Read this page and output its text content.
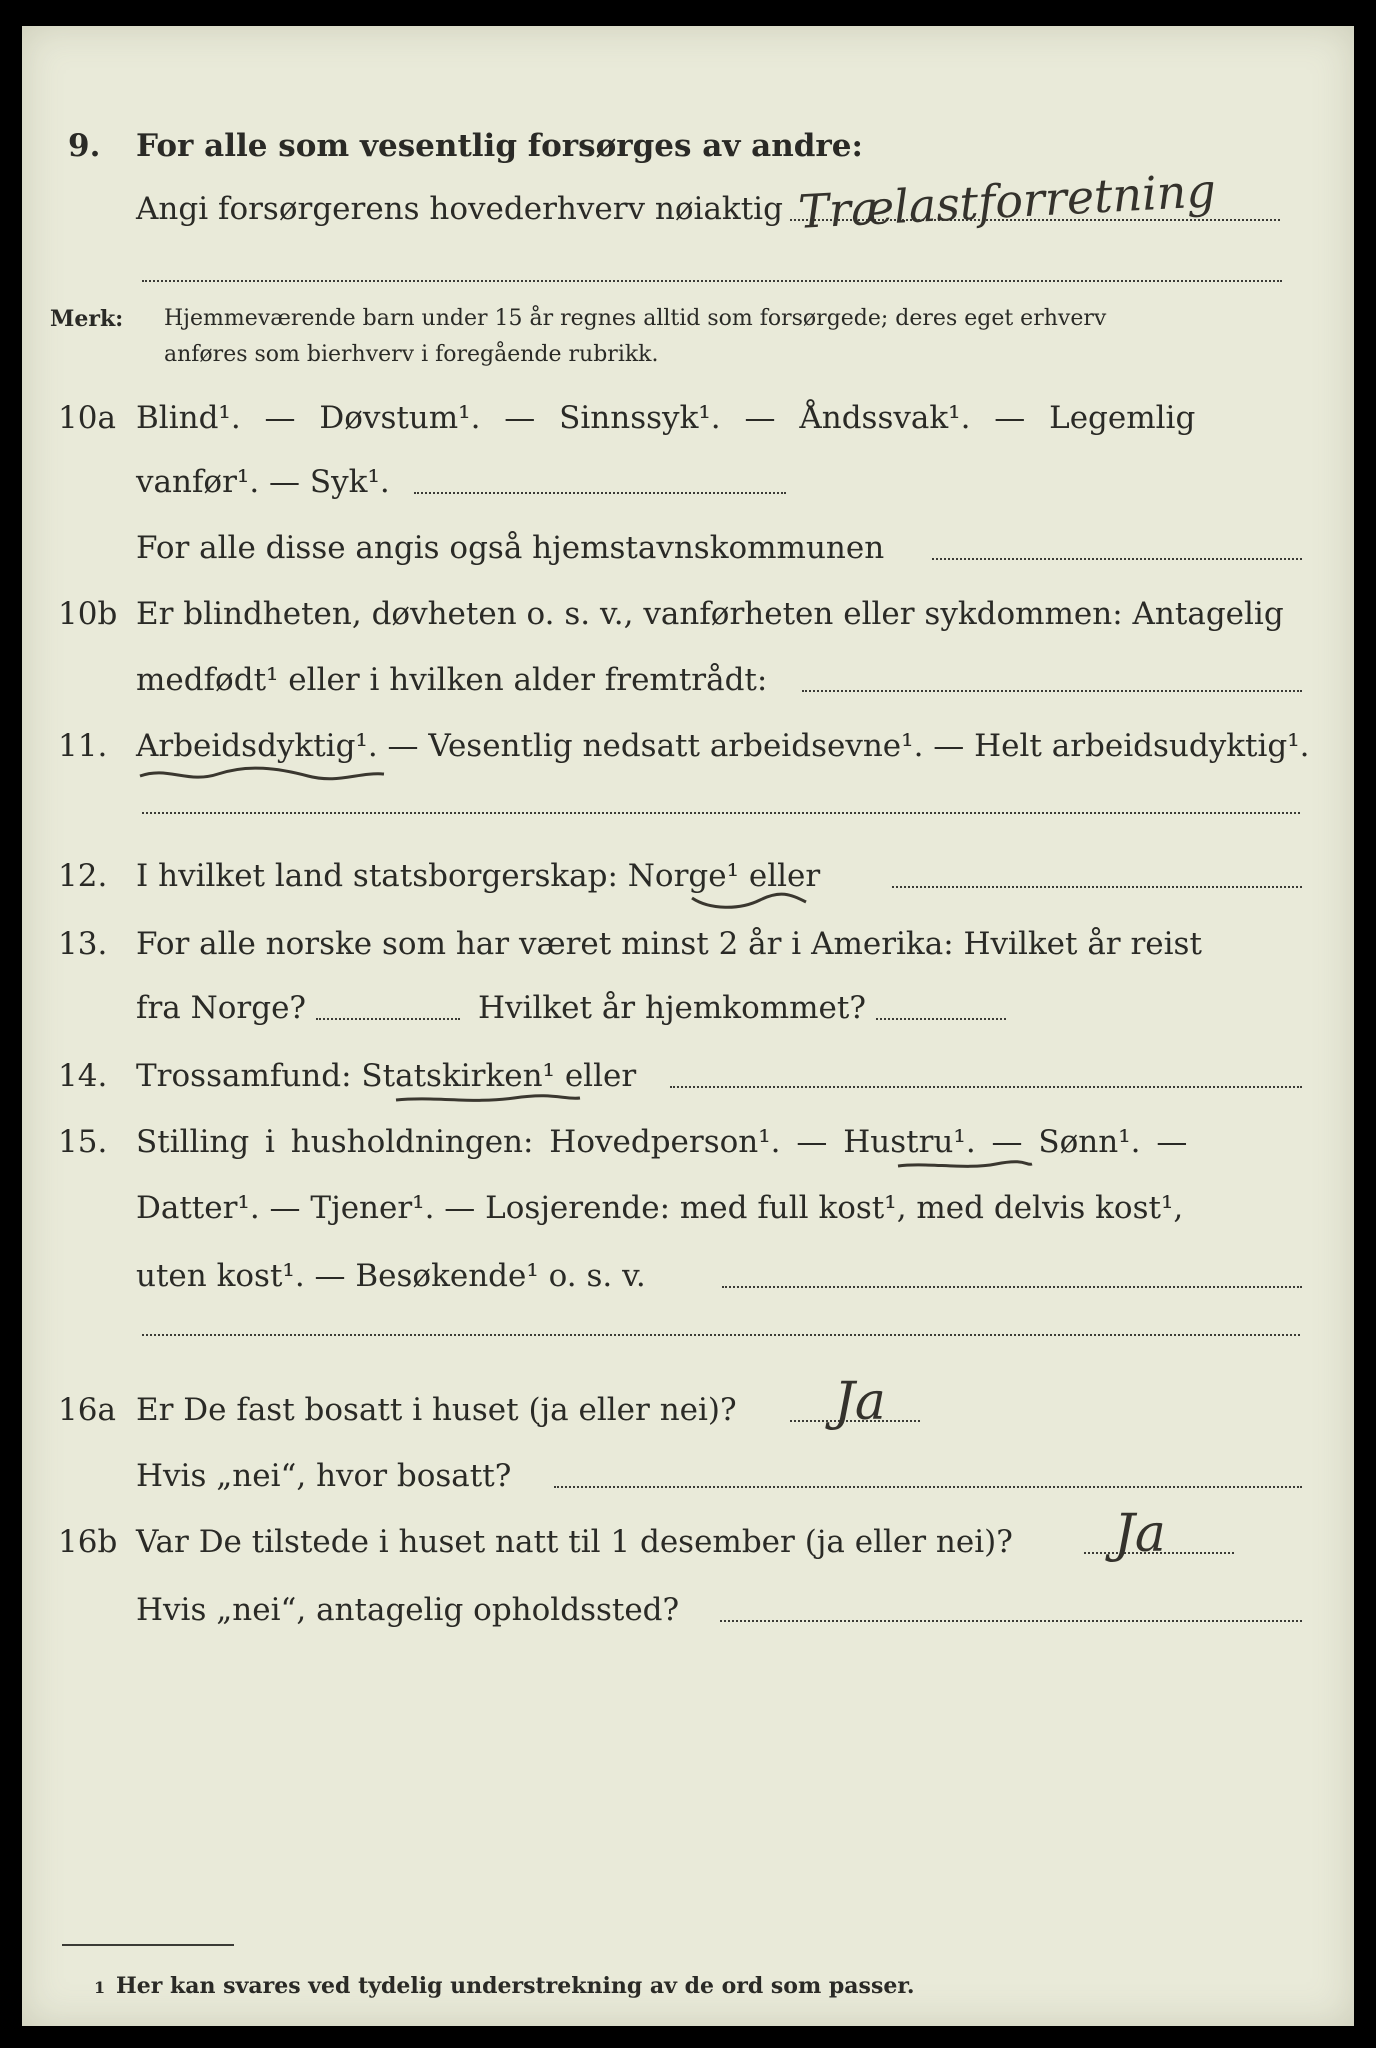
9. For alle som vesentlig forsørges av andre:
Angi forsørgerens hovederhverv nøiaktig Trælastforretning
Merk: Hjemmeværende barn under 15 år regnes alltid som forsørgede; deres eget erhverv
anføres som bierhverv i foregående rubrikk.
10a Blind¹. — Døvstum¹. — Sinnssyk¹. — Åndssvak¹. — Legemlig
vanfør¹. — Syk¹.
For alle disse angis også hjemstavnskommunen
10b Er blindheten, døvheten o. s. v., vanførheten eller sykdommen: Antagelig
medfødt¹ eller i hvilken alder fremtrådt:
11. Arbeidsdyktig¹. — Vesentlig nedsatt arbeidsevne¹. — Helt arbeidsudyktig¹.
12. I hvilket land statsborgerskap: Norge¹ eller
13. For alle norske som har været minst 2 år i Amerika: Hvilket år reist
fra Norge?	Hvilket år hjemkommet?
14. Trossamfund: Statskirken¹ eller
15. Stilling i husholdningen: Hovedperson¹. — Hustru¹. — Sønn¹. —
Datter¹. — Tjener¹. — Losjerende: med full kost¹, med delvis kost¹,
uten kost¹. — Besøkende¹ o. s. v.
16a Er De fast bosatt i huset (ja eller nei)? Ja
Hvis „nei“, hvor bosatt?
16b Var De tilstede i huset natt til 1 desember (ja eller nei)? Ja
Hvis „nei“, antagelig opholdssted?
1 Her kan svares ved tydelig understrekning av de ord som passer.
